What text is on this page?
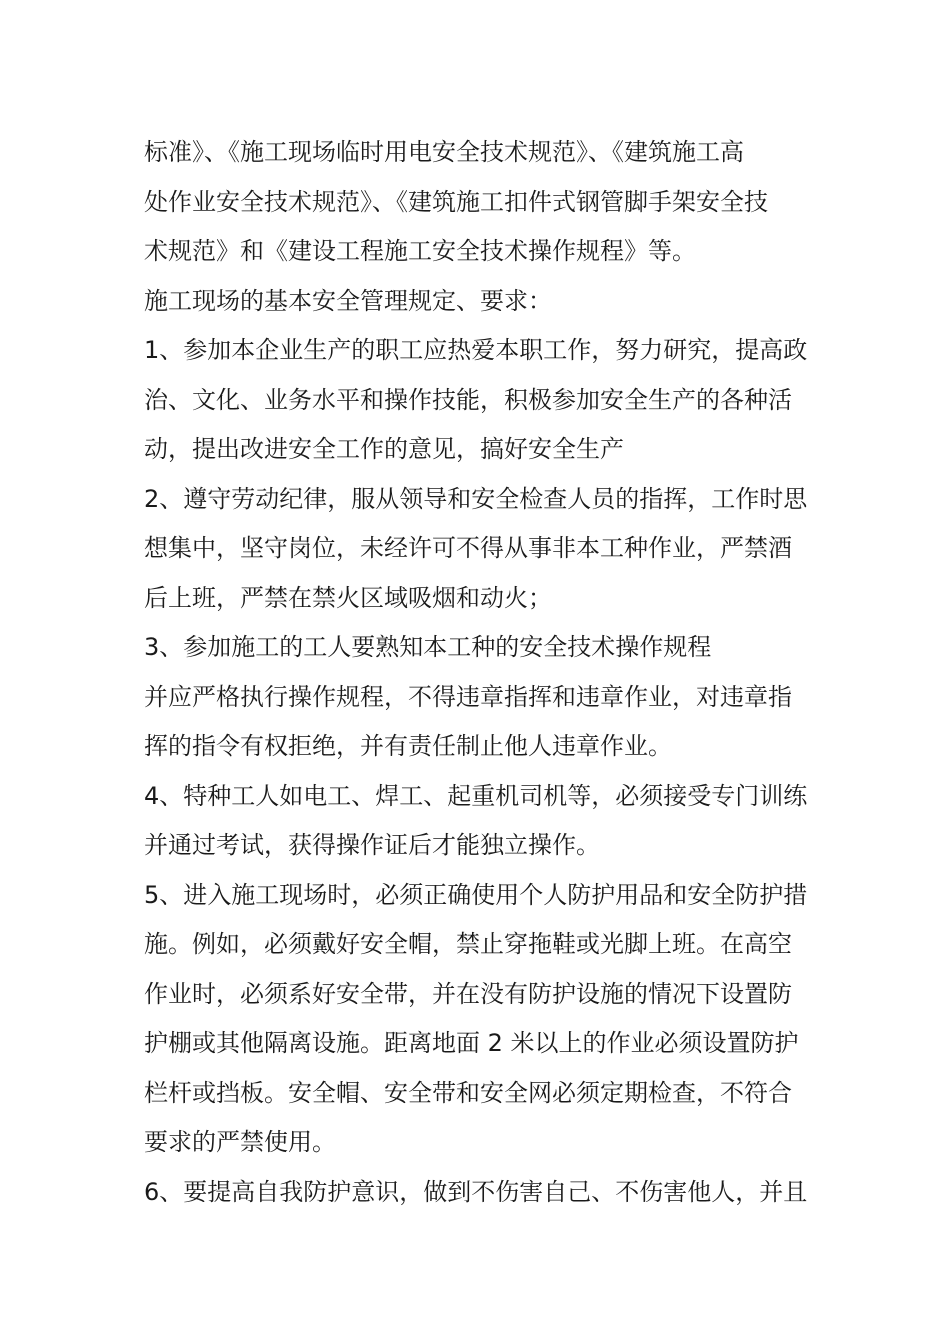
标准》、《施工现场临时用电安全技术规范》、《建筑施工高
处作业安全技术规范》、《建筑施工扣件式钢管脚手架安全技
术规范》和《建设工程施工安全技术操作规程》等。
施工现场的基本安全管理规定、要求：
1、参加本企业生产的职工应热爱本职工作，努力研究，提高政
治、文化、业务水平和操作技能，积极参加安全生产的各种活
动，提出改进安全工作的意见，搞好安全生产
2、遵守劳动纪律，服从领导和安全检查人员的指挥，工作时思
想集中，坚守岗位，未经许可不得从事非本工种作业，严禁酒
后上班，严禁在禁火区域吸烟和动火；
3、参加施工的工人要熟知本工种的安全技术操作规程
并应严格执行操作规程，不得违章指挥和违章作业，对违章指
挥的指令有权拒绝，并有责任制止他人违章作业。
4、特种工人如电工、焊工、起重机司机等，必须接受专门训练
并通过考试，获得操作证后才能独立操作。
5、进入施工现场时，必须正确使用个人防护用品和安全防护措
施。例如，必须戴好安全帽，禁止穿拖鞋或光脚上班。在高空
作业时，必须系好安全带，并在没有防护设施的情况下设置防
护棚或其他隔离设施。距离地面 2 米以上的作业必须设置防护
栏杆或挡板。安全帽、安全带和安全网必须定期检查，不符合
要求的严禁使用。
6、要提高自我防护意识，做到不伤害自己、不伤害他人，并且
